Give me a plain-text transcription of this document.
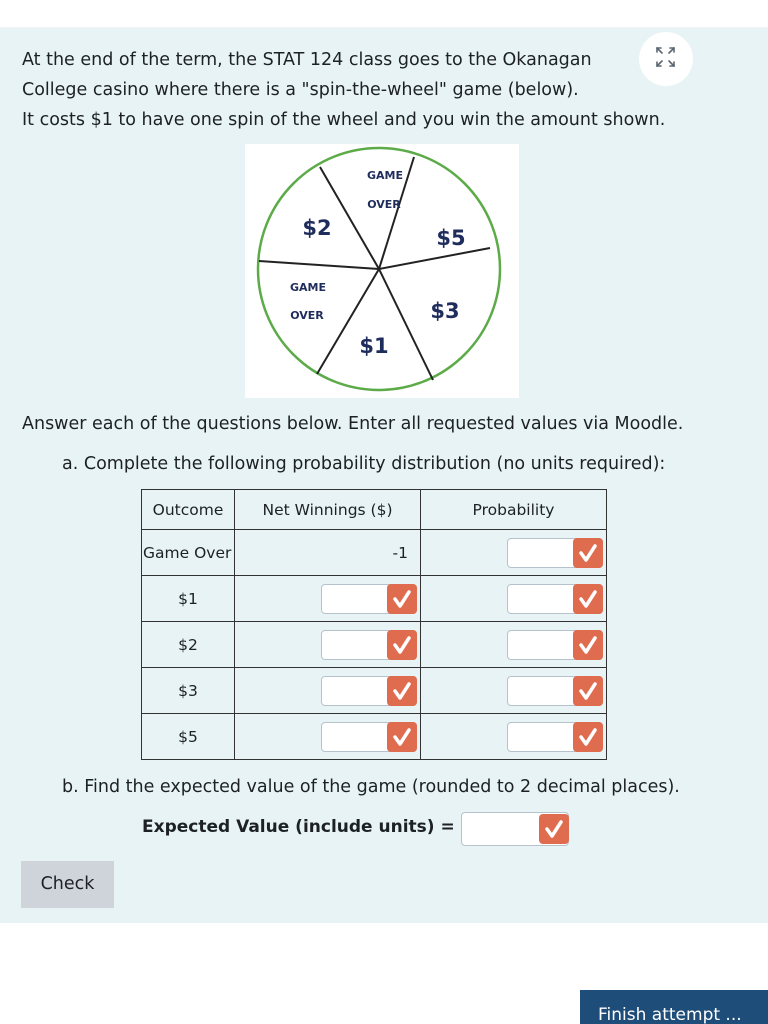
At the end of the term, the STAT 124 class goes to the Okanagan
College casino where there is a "spin-the-wheel" game (below).
It costs $1 to have one spin of the wheel and you win the amount shown.
GAME
OVER
$2	$5
GAME
OVER	$3
$1
Answer each of the questions below. Enter all requested values via Moodle.
a. Complete the following probability distribution (no units required):
Outcome	Net Winnings ($)	Probability
Game Over	-1	

$1	

$2	

$3	

$5	

b. Find the expected value of the game (rounded to 2 decimal places).
Expected Value (include units) =
Check
Finish attempt ...
